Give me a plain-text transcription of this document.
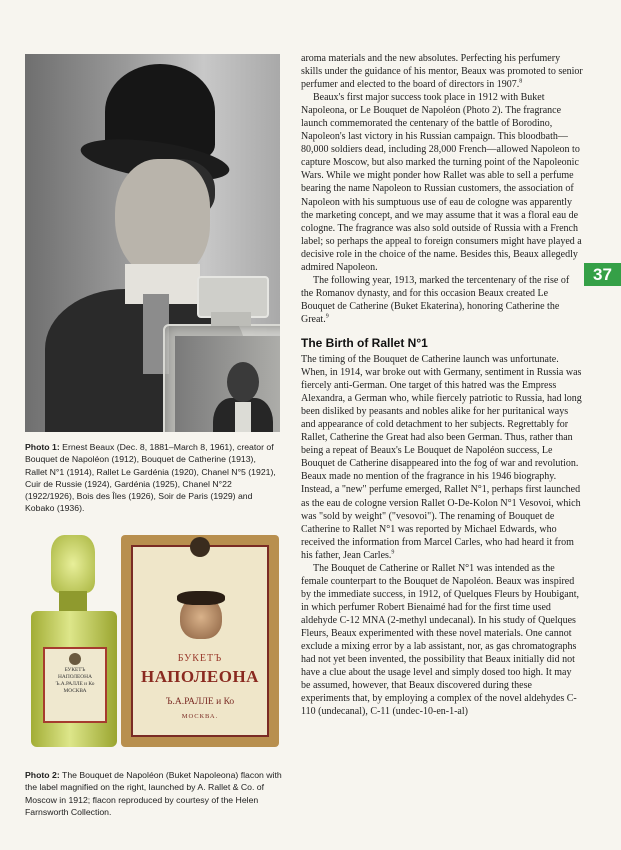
37
Photo 1: Ernest Beaux (Dec. 8, 1881–March 8, 1961), creator of Bouquet de Napoléon (1912), Bouquet de Catherine (1913), Rallet N°1 (1914), Rallet Le Gardénia (1920), Chanel N°5 (1921), Cuir de Russie (1924), Gardénia (1925), Chanel N°22 (1922/1926), Bois des Îles (1926), Soir de Paris (1929) and Kobako (1936).
БУКЕТЪ
НАПОЛЕОНА
Ъ.А.РАЛЛЕ и Ко
МОСКВА
БУКЕТЪ
НАПОЛЕОНА
Ъ.А.РАЛЛЕ и Ко
МОСКВА.
Photo 2: The Bouquet de Napoléon (Buket Napoleona) flacon with the label magnified on the right, launched by A. Rallet & Co. of Moscow in 1912; flacon reproduced by courtesy of the Helen Farnsworth Collection.

aroma materials and the new absolutes. Perfecting his perfumery skills under the guidance of his mentor, Beaux was promoted to senior perfumer and elected to the board of directors in 1907.$^8$

Beaux's first major success took place in 1912 with Buket Napoleona, or Le Bouquet de Napoléon (Photo 2). The fragrance launch commemorated the centenary of the battle of Borodino, Napoleon's last victory in his Russian campaign. This bloodbath—80,000 soldiers dead, including 28,000 French—allowed Napoleon to capture Moscow, but also marked the turning point of the Napoleonic Wars. While we might ponder how Rallet was able to sell a perfume bearing the name Napoleon to Russian customers, the association of Napoleon with his sumptuous use of eau de cologne was apparently the marketing concept, and we may assume that it was a floral eau de cologne. The fragrance was also sold outside of Russia with a French label; so perhaps the appeal to foreign consumers might have played a decisive role in the choice of the name. Besides this, Beaux allegedly admired Napoleon.

The following year, 1913, marked the tercentenary of the rise of the Romanov dynasty, and for this occasion Beaux created Le Bouquet de Catherine (Buket Ekaterina), honoring Catherine the Great.$^9$

The Birth of Rallet N°1

The timing of the Bouquet de Catherine launch was unfortunate. When, in 1914, war broke out with Germany, sentiment in Russia was fiercely anti-German. One target of this hatred was the Empress Alexandra, a German who, while fiercely patriotic to Russia, had long been disliked by peasants and nobles alike for her puritanical ways and appearance of cold detachment to her subjects. Regrettably for Rallet, Catherine the Great had also been German. Thus, rather than being a repeat of Beaux's Le Bouquet de Napoléon success, Le Bouquet de Catherine disappeared into the fog of war and revolution. Beaux made no mention of the fragrance in his 1946 biography. Instead, a "new" perfume emerged, Rallet N°1, perhaps first launched as the eau de cologne version Rallet O-De-Kolon N°1 Vesovoi, which was "sold by weight" ("vesovoi"). The renaming of Bouquet de Catherine to Rallet N°1 was reported by Michael Edwards, who received the information from Marcel Carles, who had heard it from his father, Jean Carles.$^9$

The Bouquet de Catherine or Rallet N°1 was intended as the female counterpart to the Bouquet de Napoléon. Beaux was inspired by the immediate success, in 1912, of Quelques Fleurs by Houbigant, in which perfumer Robert Bienaimé had for the first time used aldehyde C-12 MNA (2-methyl undecanal). In his study of Quelques Fleurs, Beaux experimented with these novel materials. One cannot exclude a mixing error by a lab assistant, nor, as gas chromatographs had not yet been invented, the possibility that Beaux initially did not have a clue about the usage level and simply dosed too high. It may be assumed, however, that Beaux discovered during these experiments that, by employing a complex of the novel aldehydes C-110 (undecanal), C-11 (undec-10-en-1-al)
